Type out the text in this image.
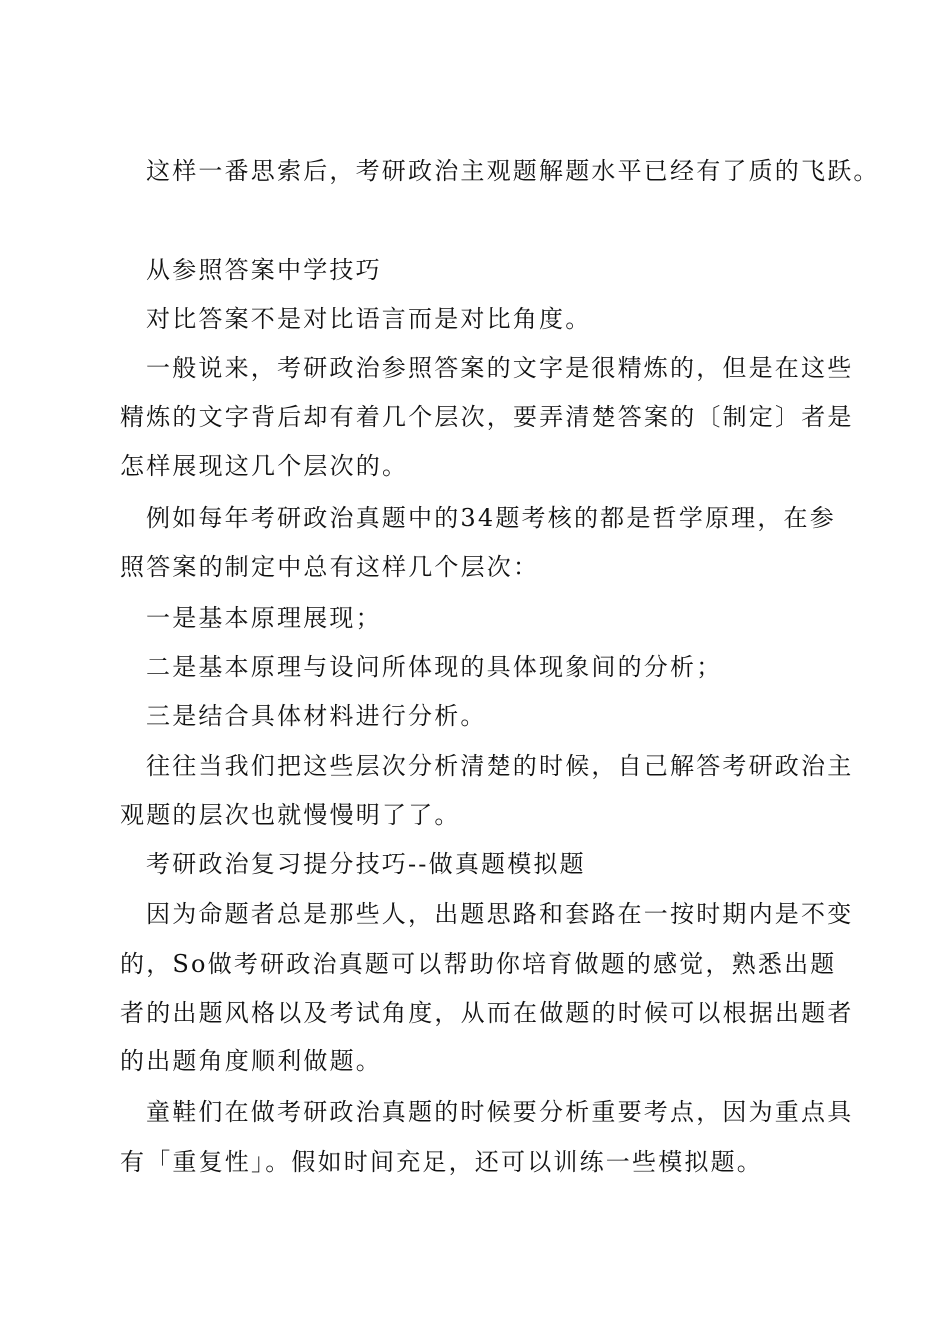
这样一番思索后，考研政治主观题解题水平已经有了质的飞跃。
从参照答案中学技巧
对比答案不是对比语言而是对比角度。
一般说来，考研政治参照答案的文字是很精炼的，但是在这些
精炼的文字背后却有着几个层次，要弄清楚答案的〔制定〕者是
怎样展现这几个层次的。
例如每年考研政治真题中的34题考核的都是哲学原理，在参
照答案的制定中总有这样几个层次：
一是基本原理展现；
二是基本原理与设问所体现的具体现象间的分析；
三是结合具体材料进行分析。
往往当我们把这些层次分析清楚的时候，自己解答考研政治主
观题的层次也就慢慢明了了。
考研政治复习提分技巧--做真题模拟题
因为命题者总是那些人，出题思路和套路在一按时期内是不变
的，So做考研政治真题可以帮助你培育做题的感觉，熟悉出题
者的出题风格以及考试角度，从而在做题的时候可以根据出题者
的出题角度顺利做题。
童鞋们在做考研政治真题的时候要分析重要考点，因为重点具
有「重复性」。假如时间充足，还可以训练一些模拟题。
